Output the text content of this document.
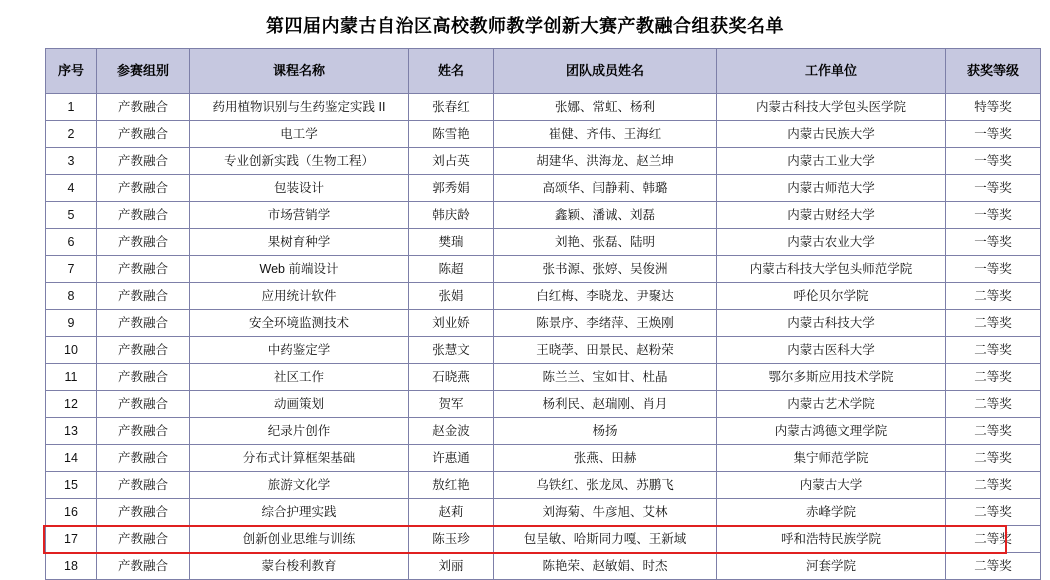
第四届内蒙古自治区高校教师教学创新大赛产教融合组获奖名单
序号	参赛组别	课程名称	姓名	团队成员姓名	工作单位	获奖等级
1	产教融合	药用植物识别与生药鉴定实践 II	张春红	张娜、常虹、杨利	内蒙古科技大学包头医学院	特等奖
2	产教融合	电工学	陈雪艳	崔健、齐伟、王海红	内蒙古民族大学	一等奖
3	产教融合	专业创新实践（生物工程）	刘占英	胡建华、洪海龙、赵兰坤	内蒙古工业大学	一等奖
4	产教融合	包装设计	郭秀娟	高颂华、闫静莉、韩璐	内蒙古师范大学	一等奖
5	产教融合	市场营销学	韩庆龄	鑫颖、潘诚、刘磊	内蒙古财经大学	一等奖
6	产教融合	果树育种学	樊瑞	刘艳、张磊、陆明	内蒙古农业大学	一等奖
7	产教融合	Web 前端设计	陈超	张书源、张婷、吴俊洲	内蒙古科技大学包头师范学院	一等奖
8	产教融合	应用统计软件	张娟	白红梅、李晓龙、尹聚达	呼伦贝尔学院	二等奖
9	产教融合	安全环境监测技术	刘业娇	陈景序、李绪萍、王焕刚	内蒙古科技大学	二等奖
10	产教融合	中药鉴定学	张慧文	王晓荸、田景民、赵粉荣	内蒙古医科大学	二等奖
11	产教融合	社区工作	石晓燕	陈兰兰、宝如甘、杜晶	鄂尔多斯应用技术学院	二等奖
12	产教融合	动画策划	贺军	杨利民、赵瑞刚、肖月	内蒙古艺术学院	二等奖
13	产教融合	纪录片创作	赵金波	杨扬	内蒙古鸿德文理学院	二等奖
14	产教融合	分布式计算框架基础	许惠通	张燕、田赫	集宁师范学院	二等奖
15	产教融合	旅游文化学	敖红艳	乌铁红、张龙凤、苏鹏飞	内蒙古大学	二等奖
16	产教融合	综合护理实践	赵莉	刘海菊、牛彦旭、艾林	赤峰学院	二等奖
17	产教融合	创新创业思维与训练	陈玉珍	包呈敏、哈斯同力嘎、王新域	呼和浩特民族学院	二等奖
18	产教融合	蒙台梭利教育	刘丽	陈艳荣、赵敏娟、时杰	河套学院	二等奖
